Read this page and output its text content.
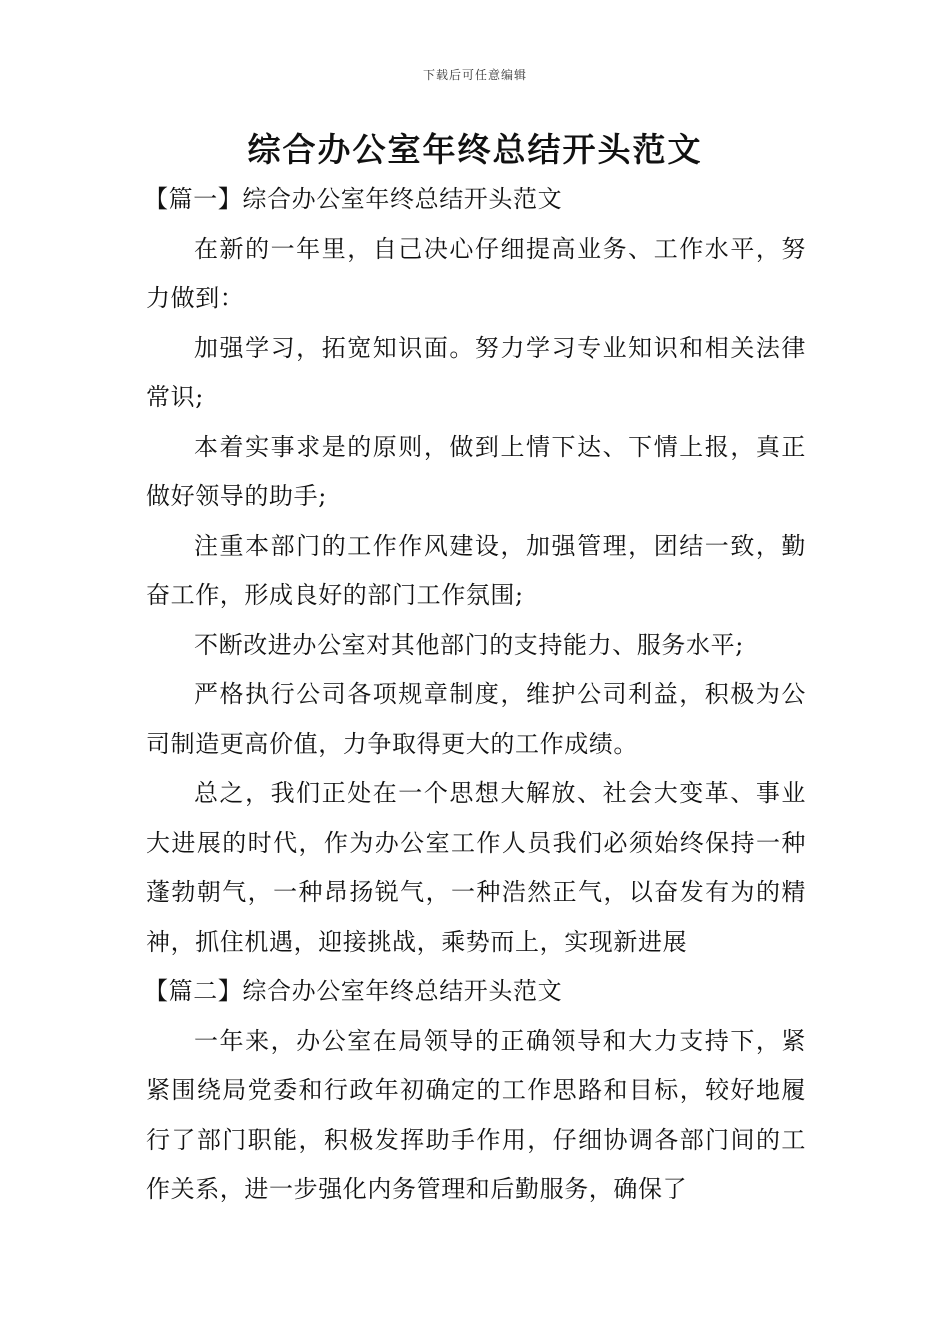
下载后可任意编辑
综合办公室年终总结开头范文
【篇一】综合办公室年终总结开头范文

在新的一年里，自己决心仔细提高业务、工作水平，努力做到：

加强学习，拓宽知识面。努力学习专业知识和相关法律常识;

本着实事求是的原则，做到上情下达、下情上报，真正做好领导的助手;

注重本部门的工作作风建设，加强管理，团结一致，勤奋工作，形成良好的部门工作氛围;

不断改进办公室对其他部门的支持能力、服务水平;

严格执行公司各项规章制度，维护公司利益，积极为公司制造更高价值，力争取得更大的工作成绩。

总之，我们正处在一个思想大解放、社会大变革、事业大进展的时代，作为办公室工作人员我们必须始终保持一种蓬勃朝气，一种昂扬锐气，一种浩然正气，以奋发有为的精神，抓住机遇，迎接挑战，乘势而上，实现新进展

【篇二】综合办公室年终总结开头范文

一年来，办公室在局领导的正确领导和大力支持下，紧紧围绕局党委和行政年初确定的工作思路和目标，较好地履行了部门职能，积极发挥助手作用，仔细协调各部门间的工作关系，进一步强化内务管理和后勤服务，确保了
